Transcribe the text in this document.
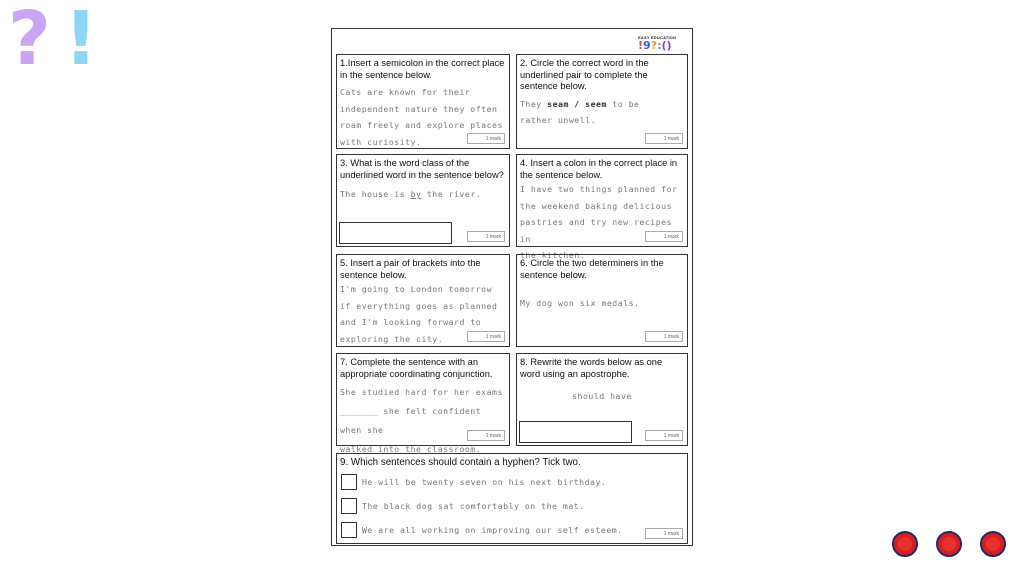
? !	EASY EDUCATION
!9?:()
1.Insert a semicolon in the correct place in the sentence below.
Cats are known for their
independent nature they often
roam freely and explore places
with curiosity.	1 mark
2. Circle the correct word in the underlined pair to complete the sentence below.
They seam / seem to be
rather unwell.
1 mark
3. What is the word class of the underlined word in the sentence below?
The house is by the river.
1 mark
4. Insert a colon in the correct place in the sentence below.
I have two things planned for
the weekend baking delicious
pastries and try new recipes in
the kitchen.
1 mark
5. Insert a pair of brackets into the sentence below.
I'm going to London tomorrow
if everything goes as planned
and I'm looking forward to
exploring the city.	1 mark
6. Circle the two determiners in the sentence below.
My dog won six medals.
1 mark
7. Complete the sentence with an appropriate coordinating conjunction.
She studied hard for her exams
_______ she felt confident when she
walked into the classroom.
1 mark
8. Rewrite the words below as one word using an apostrophe.
should have
1 mark
9. Which sentences should contain a hyphen? Tick two.
He will be twenty seven on his next birthday.
The black dog sat comfortably on the mat.
We are all working on improving our self esteem.	1 mark
